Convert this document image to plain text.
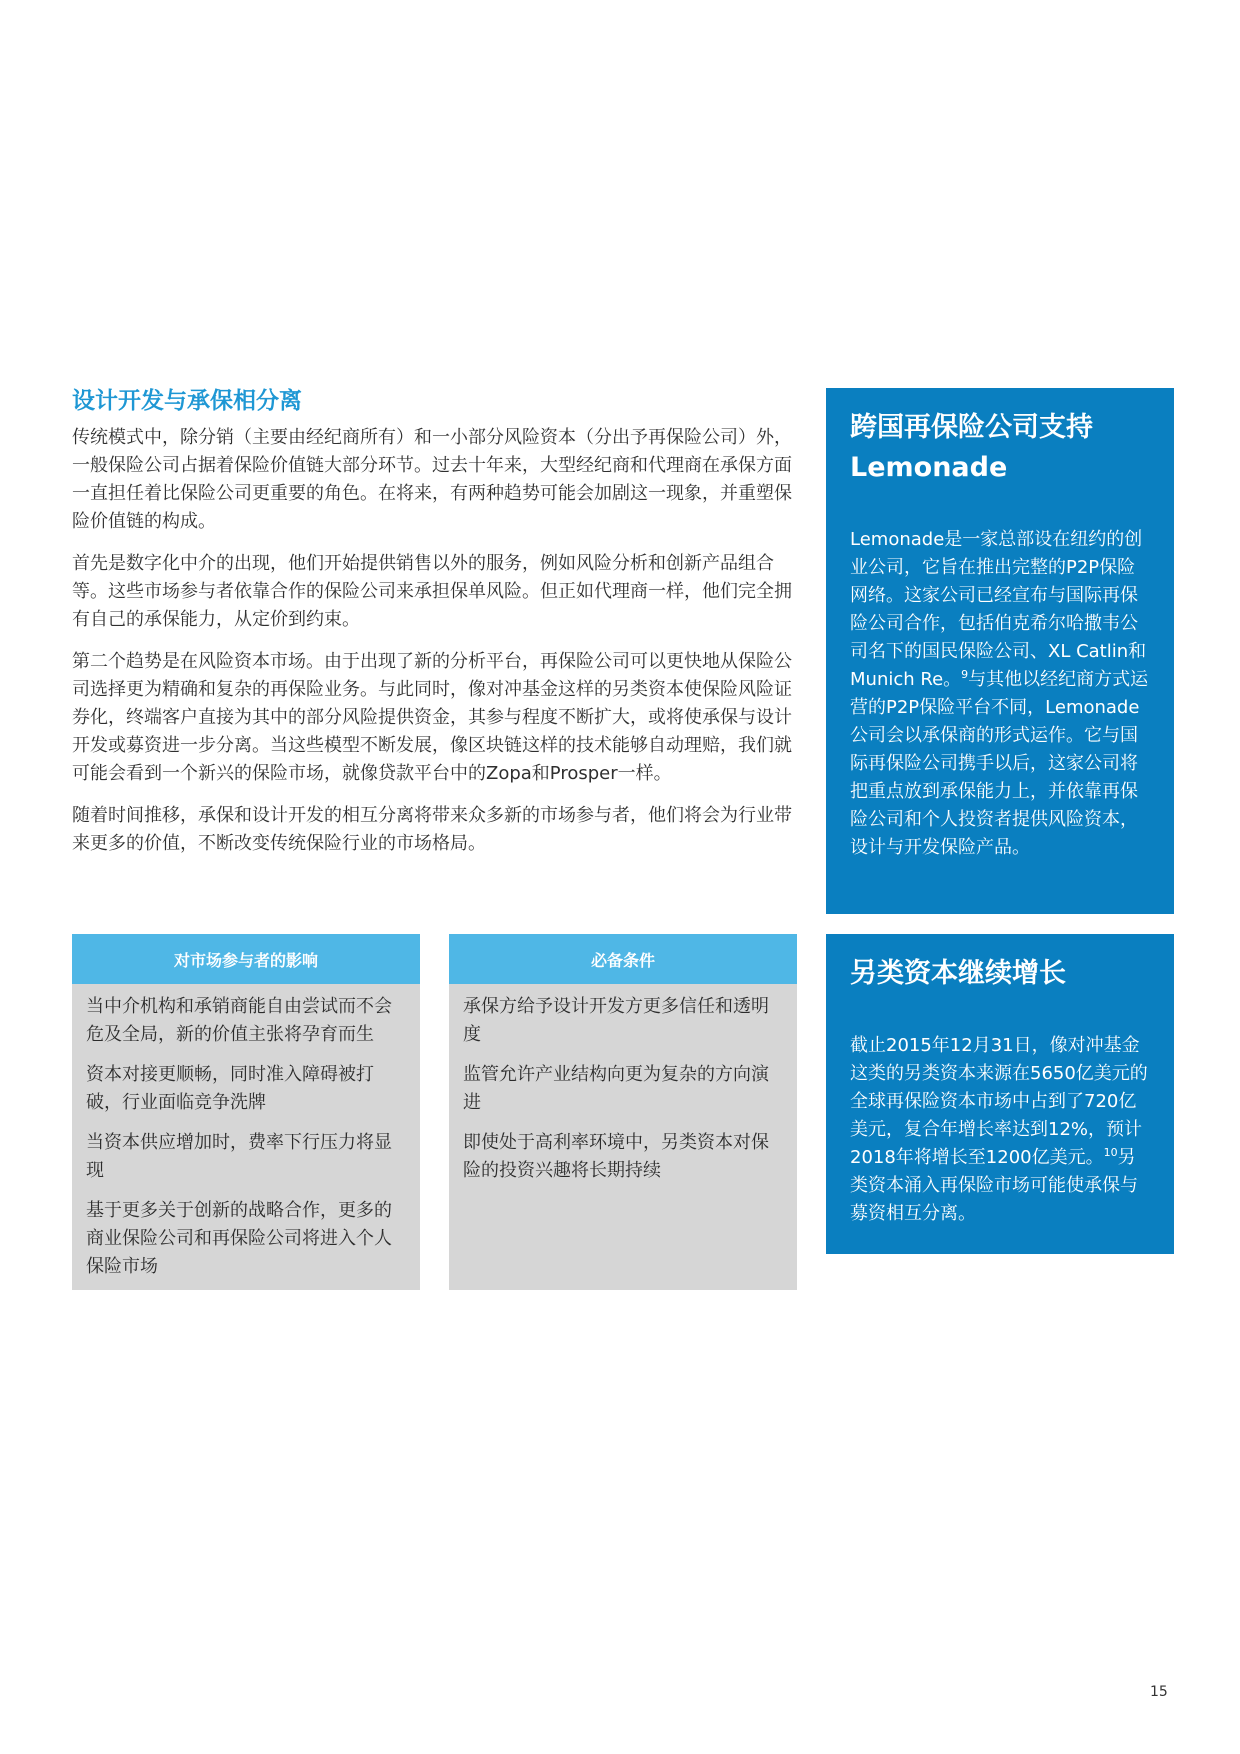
设计开发与承保相分离

传统模式中，除分销（主要由经纪商所有）和一小部分风险资本（分出予再保险公司）外，一般保险公司占据着保险价值链大部分环节。过去十年来，大型经纪商和代理商在承保方面一直担任着比保险公司更重要的角色。在将来，有两种趋势可能会加剧这一现象，并重塑保险价值链的构成。

首先是数字化中介的出现，他们开始提供销售以外的服务，例如风险分析和创新产品组合等。这些市场参与者依靠合作的保险公司来承担保单风险。但正如代理商一样，他们完全拥有自己的承保能力，从定价到约束。

第二个趋势是在风险资本市场。由于出现了新的分析平台，再保险公司可以更快地从保险公司选择更为精确和复杂的再保险业务。与此同时，像对冲基金这样的另类资本使保险风险证券化，终端客户直接为其中的部分风险提供资金，其参与程度不断扩大，或将使承保与设计开发或募资进一步分离。当这些模型不断发展，像区块链这样的技术能够自动理赔，我们就可能会看到一个新兴的保险市场，就像贷款平台中的Zopa和Prosper一样。

随着时间推移，承保和设计开发的相互分离将带来众多新的市场参与者，他们将会为行业带来更多的价值，不断改变传统保险行业的市场格局。

对市场参与者的影响
当中介机构和承销商能自由尝试而不会危及全局，新的价值主张将孕育而生
资本对接更顺畅，同时准入障碍被打破，行业面临竞争洗牌
当资本供应增加时，费率下行压力将显现
基于更多关于创新的战略合作，更多的商业保险公司和再保险公司将进入个人保险市场
必备条件
承保方给予设计开发方更多信任和透明度
监管允许产业结构向更为复杂的方向演进
即使处于高利率环境中，另类资本对保险的投资兴趣将长期持续
跨国再保险公司支持Lemonade

Lemonade是一家总部设在纽约的创业公司，它旨在推出完整的P2P保险网络。这家公司已经宣布与国际再保险公司合作，包括伯克希尔哈撒韦公司名下的国民保险公司、XL Catlin和Munich Re。$^9$与其他以经纪商方式运营的P2P保险平台不同，Lemonade公司会以承保商的形式运作。它与国际再保险公司携手以后，这家公司将把重点放到承保能力上，并依靠再保险公司和个人投资者提供风险资本，设计与开发保险产品。

另类资本继续增长

截止2015年12月31日，像对冲基金这类的另类资本来源在5650亿美元的全球再保险资本市场中占到了720亿美元，复合年增长率达到12%，预计2018年将增长至1200亿美元。$^{10}$另类资本涌入再保险市场可能使承保与募资相互分离。

15
